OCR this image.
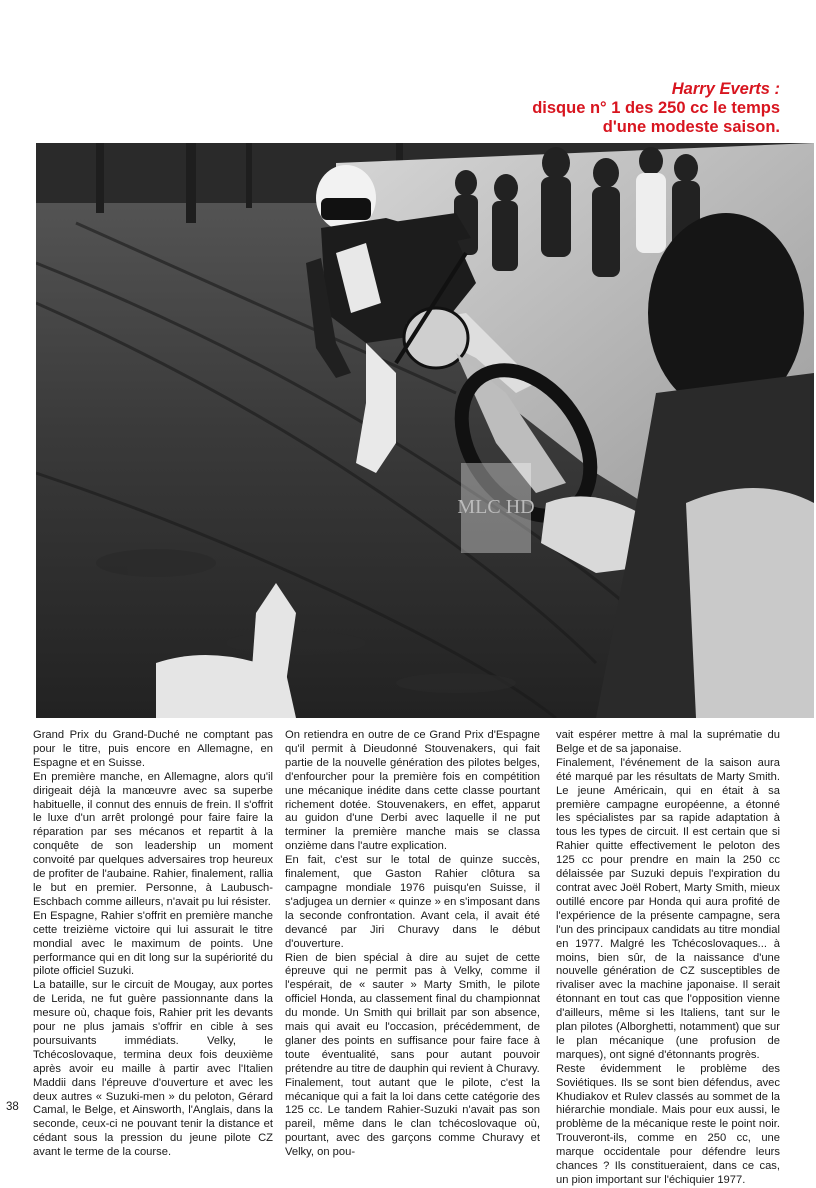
Harry Everts :
disque n° 1 des 250 cc le temps
d'une modeste saison.
MLC HD

Grand Prix du Grand-Duché ne comptant pas pour le titre, puis encore en Allemagne, en Espagne et en Suisse.

En première manche, en Allemagne, alors qu'il dirigeait déjà la manœuvre avec sa superbe habituelle, il connut des ennuis de frein. Il s'offrit le luxe d'un arrêt prolongé pour faire faire la réparation par ses mécanos et repartit à la conquête de son leadership un moment convoité par quelques adversaires trop heureux de profiter de l'aubaine. Rahier, finalement, rallia le but en premier. Personne, à Laubusch-Eschbach comme ailleurs, n'avait pu lui résister.

En Espagne, Rahier s'offrit en première manche cette treizième victoire qui lui assurait le titre mondial avec le maximum de points. Une performance qui en dit long sur la supériorité du pilote officiel Suzuki.

La bataille, sur le circuit de Mougay, aux portes de Lerida, ne fut guère passionnante dans la mesure où, chaque fois, Rahier prit les devants pour ne plus jamais s'offrir en cible à ses poursuivants immédiats. Velky, le Tchécoslovaque, termina deux fois deuxième après avoir eu maille à partir avec l'Italien Maddii dans l'épreuve d'ouverture et avec les deux autres « Suzuki-men » du peloton, Gérard Camal, le Belge, et Ainsworth, l'Anglais, dans la seconde, ceux-ci ne pouvant tenir la distance et cédant sous la pression du jeune pilote CZ avant le terme de la course.

On retiendra en outre de ce Grand Prix d'Espagne qu'il permit à Dieudonné Stouvenakers, qui fait partie de la nouvelle génération des pilotes belges, d'enfourcher pour la première fois en compétition une mécanique inédite dans cette classe pourtant richement dotée. Stouvenakers, en effet, apparut au guidon d'une Derbi avec laquelle il ne put terminer la première manche mais se classa onzième dans l'autre explication.

En fait, c'est sur le total de quinze succès, finalement, que Gaston Rahier clôtura sa campagne mondiale 1976 puisqu'en Suisse, il s'adjugea un dernier « quinze » en s'imposant dans la seconde confrontation. Avant cela, il avait été devancé par Jiri Churavy dans le début d'ouverture.

Rien de bien spécial à dire au sujet de cette épreuve qui ne permit pas à Velky, comme il l'espérait, de « sauter » Marty Smith, le pilote officiel Honda, au classement final du championnat du monde. Un Smith qui brillait par son absence, mais qui avait eu l'occasion, précédemment, de glaner des points en suffisance pour faire face à toute éventualité, sans pour autant pouvoir prétendre au titre de dauphin qui revient à Churavy.

Finalement, tout autant que le pilote, c'est la mécanique qui a fait la loi dans cette catégorie des 125 cc. Le tandem Rahier-Suzuki n'avait pas son pareil, même dans le clan tchécoslovaque où, pourtant, avec des garçons comme Churavy et Velky, on pou-

vait espérer mettre à mal la suprématie du Belge et de sa japonaise.

Finalement, l'événement de la saison aura été marqué par les résultats de Marty Smith. Le jeune Américain, qui en était à sa première campagne européenne, a étonné les spécialistes par sa rapide adaptation à tous les types de circuit. Il est certain que si Rahier quitte effectivement le peloton des 125 cc pour prendre en main la 250 cc délaissée par Suzuki depuis l'expiration du contrat avec Joël Robert, Marty Smith, mieux outillé encore par Honda qui aura profité de l'expérience de la présente campagne, sera l'un des principaux candidats au titre mondial en 1977. Malgré les Tchécoslovaques... à moins, bien sûr, de la naissance d'une nouvelle génération de CZ susceptibles de rivaliser avec la machine japonaise. Il serait étonnant en tout cas que l'opposition vienne d'ailleurs, même si les Italiens, tant sur le plan pilotes (Alborghetti, notamment) que sur le plan mécanique (une profusion de marques), ont signé d'étonnants progrès.

Reste évidemment le problème des Soviétiques. Ils se sont bien défendus, avec Khudiakov et Rulev classés au sommet de la hiérarchie mondiale. Mais pour eux aussi, le problème de la mécanique reste le point noir. Trouveront-ils, comme en 250 cc, une marque occidentale pour défendre leurs chances ? Ils constitueraient, dans ce cas, un pion important sur l'échiquier 1977.

38
